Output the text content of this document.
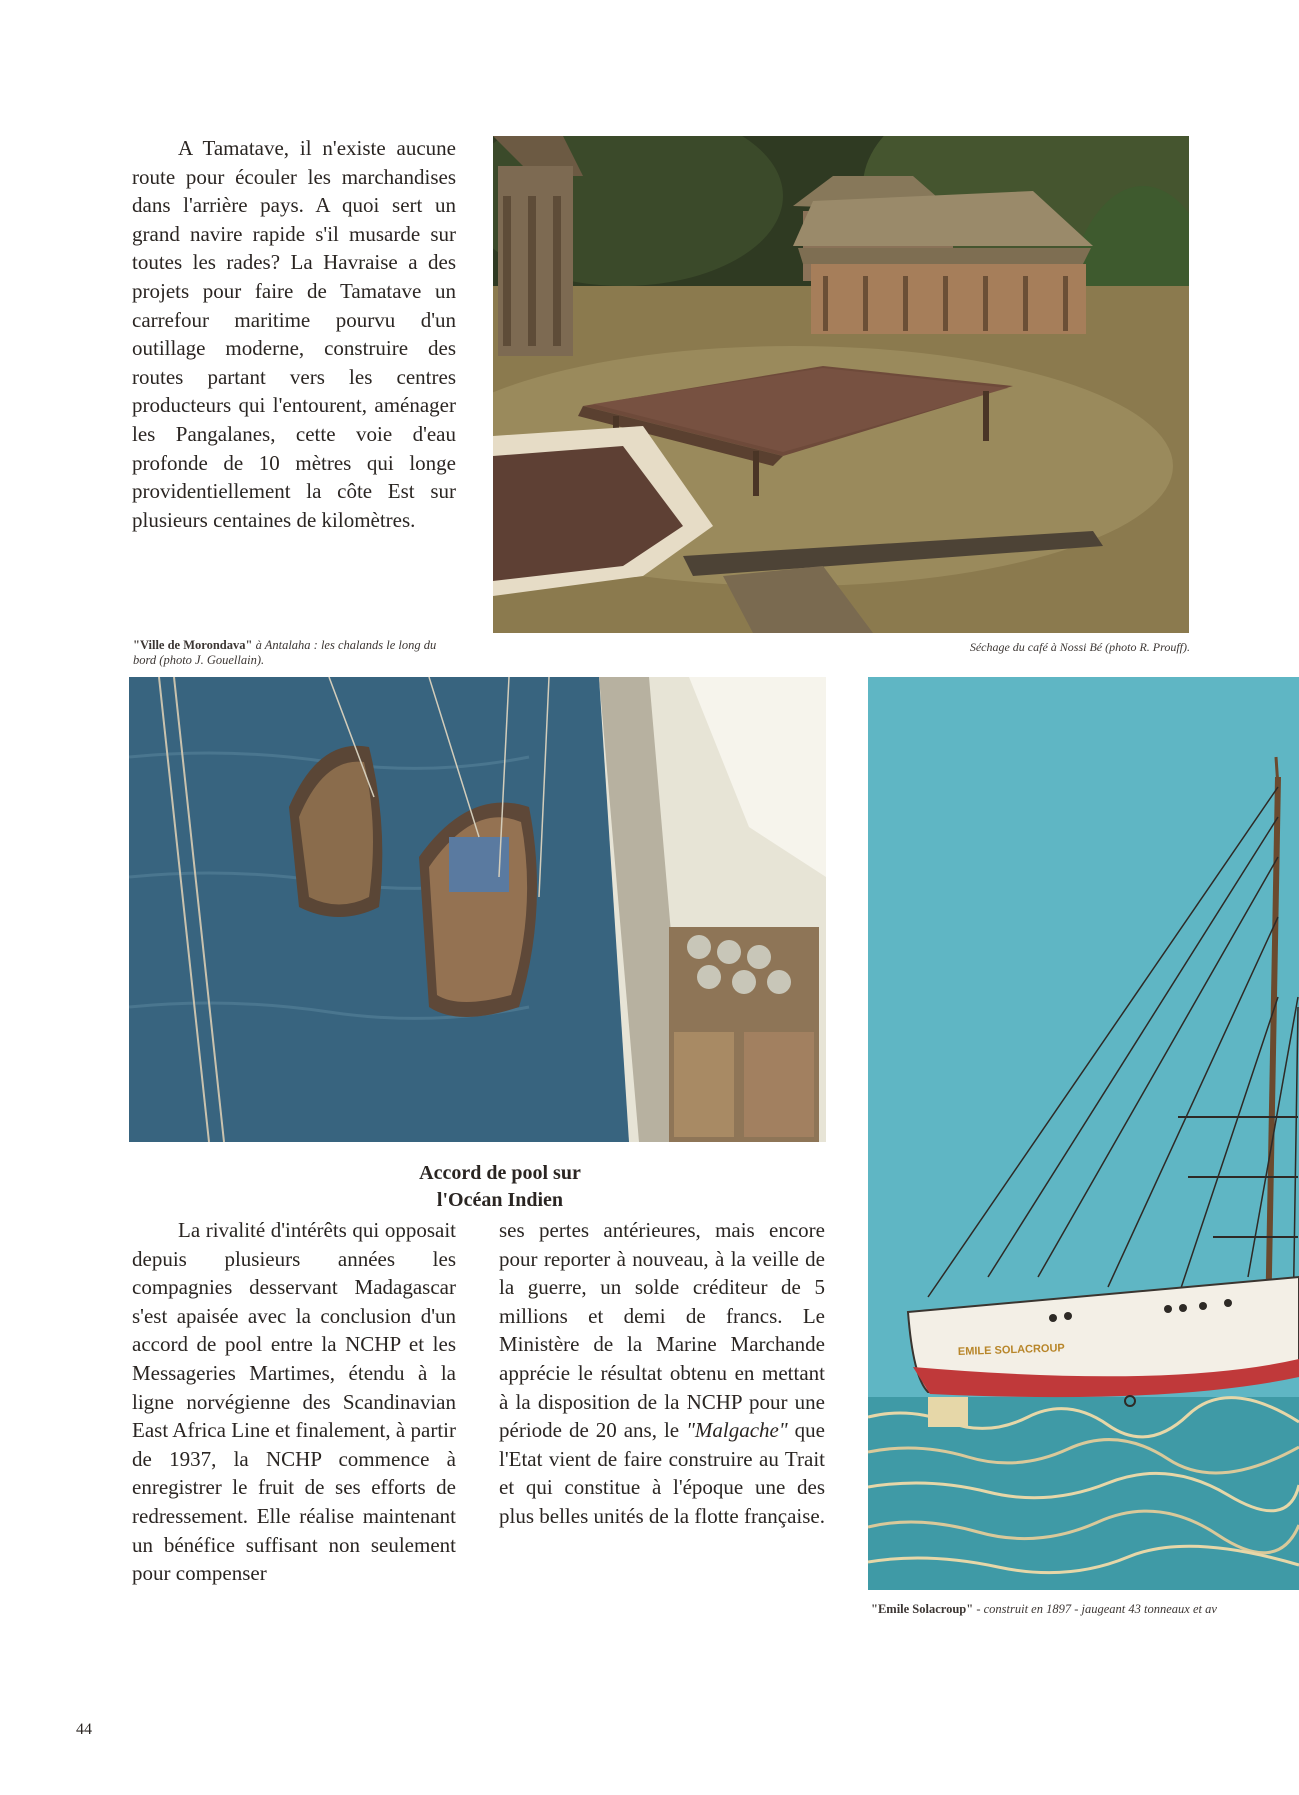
A Tamatave, il n'existe aucune route pour écouler les marchandises dans l'arrière pays. A quoi sert un grand navire rapide s'il musarde sur toutes les rades? La Havraise a des projets pour faire de Tamatave un carrefour maritime pourvu d'un outillage moderne, construire des routes partant vers les centres producteurs qui l'entourent, aménager les Pangalanes, cette voie d'eau profonde de 10 mètres qui longe providentiellement la côte Est sur plusieurs centaines de kilomètres.

Séchage du café à Nossi Bé (photo R. Prouff).
"Ville de Morondava" à Antalaha : les chalands le long du bord (photo J. Gouellain).
Accord de pool sur
l'Océan Indien

La rivalité d'intérêts qui opposait depuis plusieurs années les compagnies desservant Madagascar s'est apaisée avec la conclusion d'un accord de pool entre la NCHP et les Messageries Martimes, étendu à la ligne norvégienne des Scandinavian East Africa Line et finalement, à partir de 1937, la NCHP commence à enregistrer le fruit de ses efforts de redressement. Elle réalise maintenant un bénéfice suffisant non seulement pour compenser

ses pertes antérieures, mais encore pour reporter à nouveau, à la veille de la guerre, un solde créditeur de 5 millions et demi de francs. Le Ministère de la Marine Marchande apprécie le résultat obtenu en mettant à la disposition de la NCHP pour une période de 20 ans, le "Malgache" que l'Etat vient de faire construire au Trait et qui constitue à l'époque une des plus belles unités de la flotte française.

EMILE SOLACROUP
"Emile Solacroup" - construit en 1897 - jaugeant 43 tonneaux et av
44
